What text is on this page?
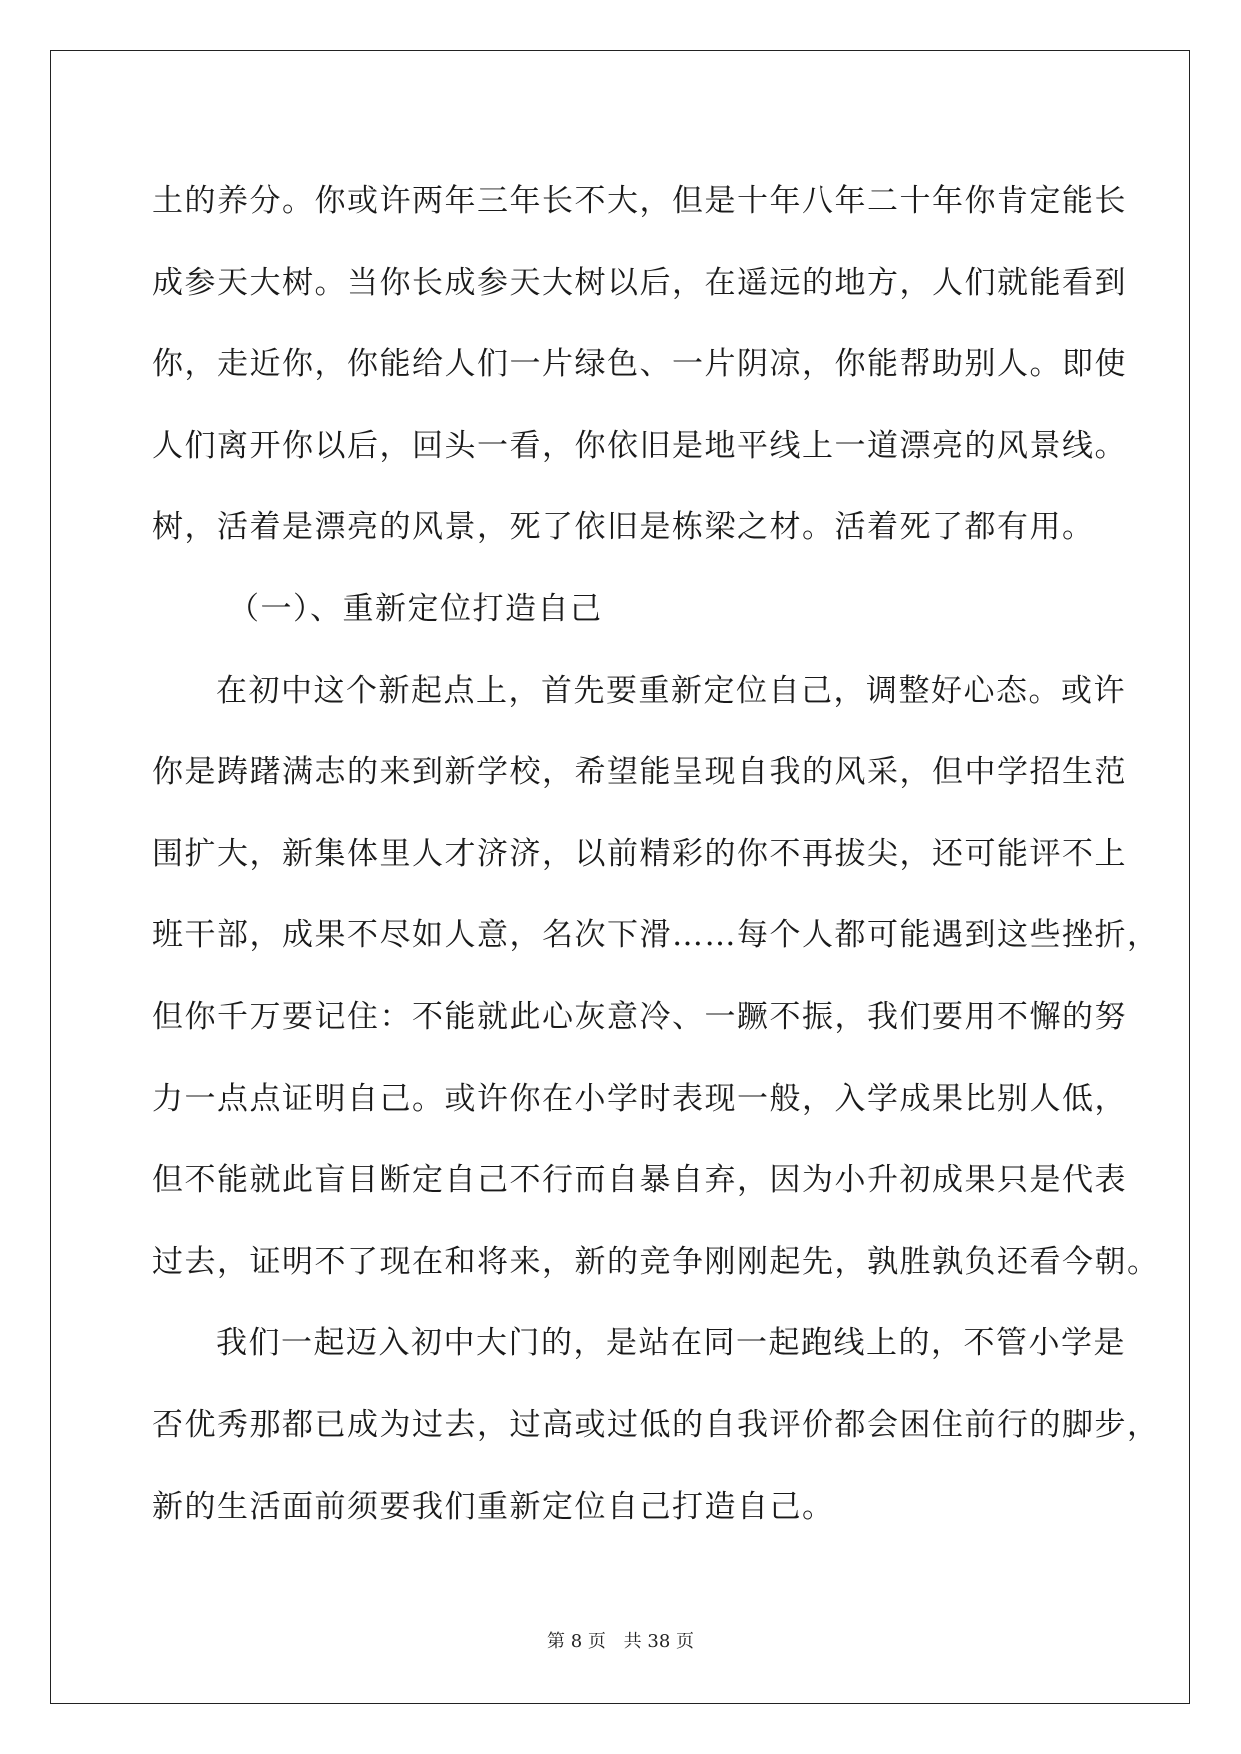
土的养分。你或许两年三年长不大，但是十年八年二十年你肯定能长
成参天大树。当你长成参天大树以后，在遥远的地方，人们就能看到
你，走近你，你能给人们一片绿色、一片阴凉，你能帮助别人。即使
人们离开你以后，回头一看，你依旧是地平线上一道漂亮的风景线。
树，活着是漂亮的风景，死了依旧是栋梁之材。活着死了都有用。
（一）、重新定位打造自己
在初中这个新起点上，首先要重新定位自己，调整好心态。或许
你是踌躇满志的来到新学校，希望能呈现自我的风采，但中学招生范
围扩大，新集体里人才济济，以前精彩的你不再拔尖，还可能评不上
班干部，成果不尽如人意，名次下滑……每个人都可能遇到这些挫折，
但你千万要记住：不能就此心灰意冷、一蹶不振，我们要用不懈的努
力一点点证明自己。或许你在小学时表现一般，入学成果比别人低，
但不能就此盲目断定自己不行而自暴自弃，因为小升初成果只是代表
过去，证明不了现在和将来，新的竞争刚刚起先，孰胜孰负还看今朝。
我们一起迈入初中大门的，是站在同一起跑线上的，不管小学是
否优秀那都已成为过去，过高或过低的自我评价都会困住前行的脚步，
新的生活面前须要我们重新定位自己打造自己。
第 8 页 共 38 页
